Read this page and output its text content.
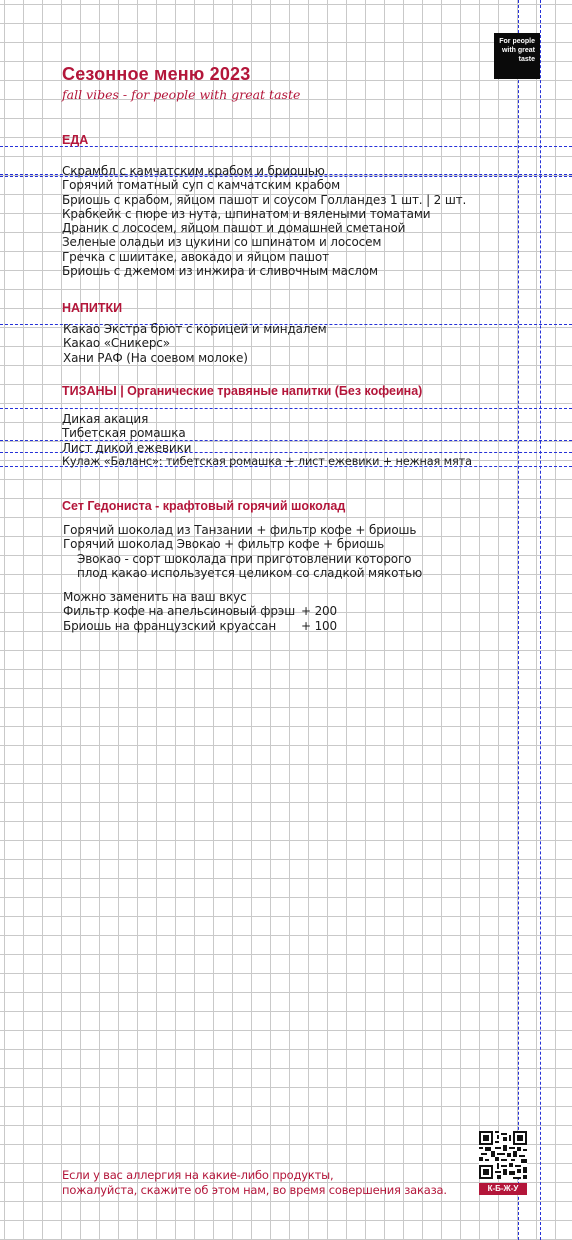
For people
with great
taste
Сезонное меню 2023
fall vibes - for people with great taste
ЕДА
Скрамбл с камчатским крабом и бриошью
Горячий томатный суп с камчатским крабом
Бриошь с крабом, яйцом пашот и соусом Голландез 1 шт. | 2 шт.
Крабкейк с пюре из нута, шпинатом и вялеными томатами
Драник с лососем, яйцом пашот и домашней сметаной
Зеленые оладьи из цукини со шпинатом и лососем
Гречка с шиитаке, авокадо и яйцом пашот
Бриошь с джемом из инжира и сливочным маслом
НАПИТКИ
Какао Экстра брют с корицей и миндалем
Какао «Сникерс»
Хани РАФ (На соевом молоке)
ТИЗАНЫ | Органические травяные напитки (Без кофеина)
Дикая акация
Тибетская ромашка
Лист дикой ежевики
Кулаж «Баланс»: тибетская ромашка + лист ежевики + нежная мята
Сет Гедониста - крафтовый горячий шоколад
Горячий шоколад из Танзании + фильтр кофе + бриошь
Горячий шоколад Эвокао + фильтр кофе + бриошь
Эвокао - сорт шоколада при приготовлении которого
плод какао используется целиком со сладкой мякотью
Можно заменить на ваш вкус
Фильтр кофе на апельсиновый фрэш + 200
Бриошь на французский круассан	+ 100
Если у вас аллергия на какие-либо продукты,
пожалуйста, скажите об этом нам, во время совершения заказа.	К-Б-Ж-У
